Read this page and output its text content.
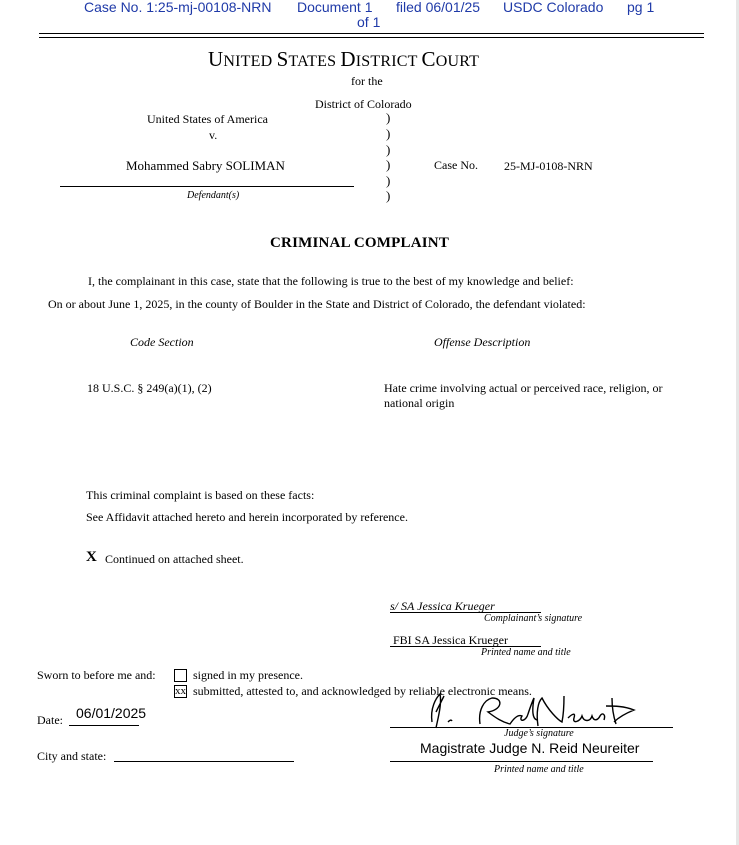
Case No. 1:25-mj-00108-NRN Document 1 filed 06/01/25 USDC Colorado pg 1
of 1
UNITED STATES DISTRICT COURT
for the
District of Colorado
United States of America
v.
Mohammed Sabry SOLIMAN
Defendant(s)
)
)
)
)
)
)
Case No. 25-MJ-0108-NRN
CRIMINAL COMPLAINT
I, the complainant in this case, state that the following is true to the best of my knowledge and belief:
On or about June 1, 2025, in the county of Boulder in the State and District of Colorado, the defendant violated:
Code Section	Offense Description
18 U.S.C. § 249(a)(1), (2)	Hate crime involving actual or perceived race, religion, or
national origin
This criminal complaint is based on these facts:
See Affidavit attached hereto and herein incorporated by reference.
X Continued on attached sheet.
s/ SA Jessica Krueger
Complainant’s signature
FBI SA Jessica Krueger
Printed name and title
Sworn to before me and:	signed in my presence.
xx submitted, attested to, and acknowledged by reliable electronic means.
Date: 06/01/2025
Judge’s signature
Magistrate Judge N. Reid Neureiter
City and state:
Printed name and title
